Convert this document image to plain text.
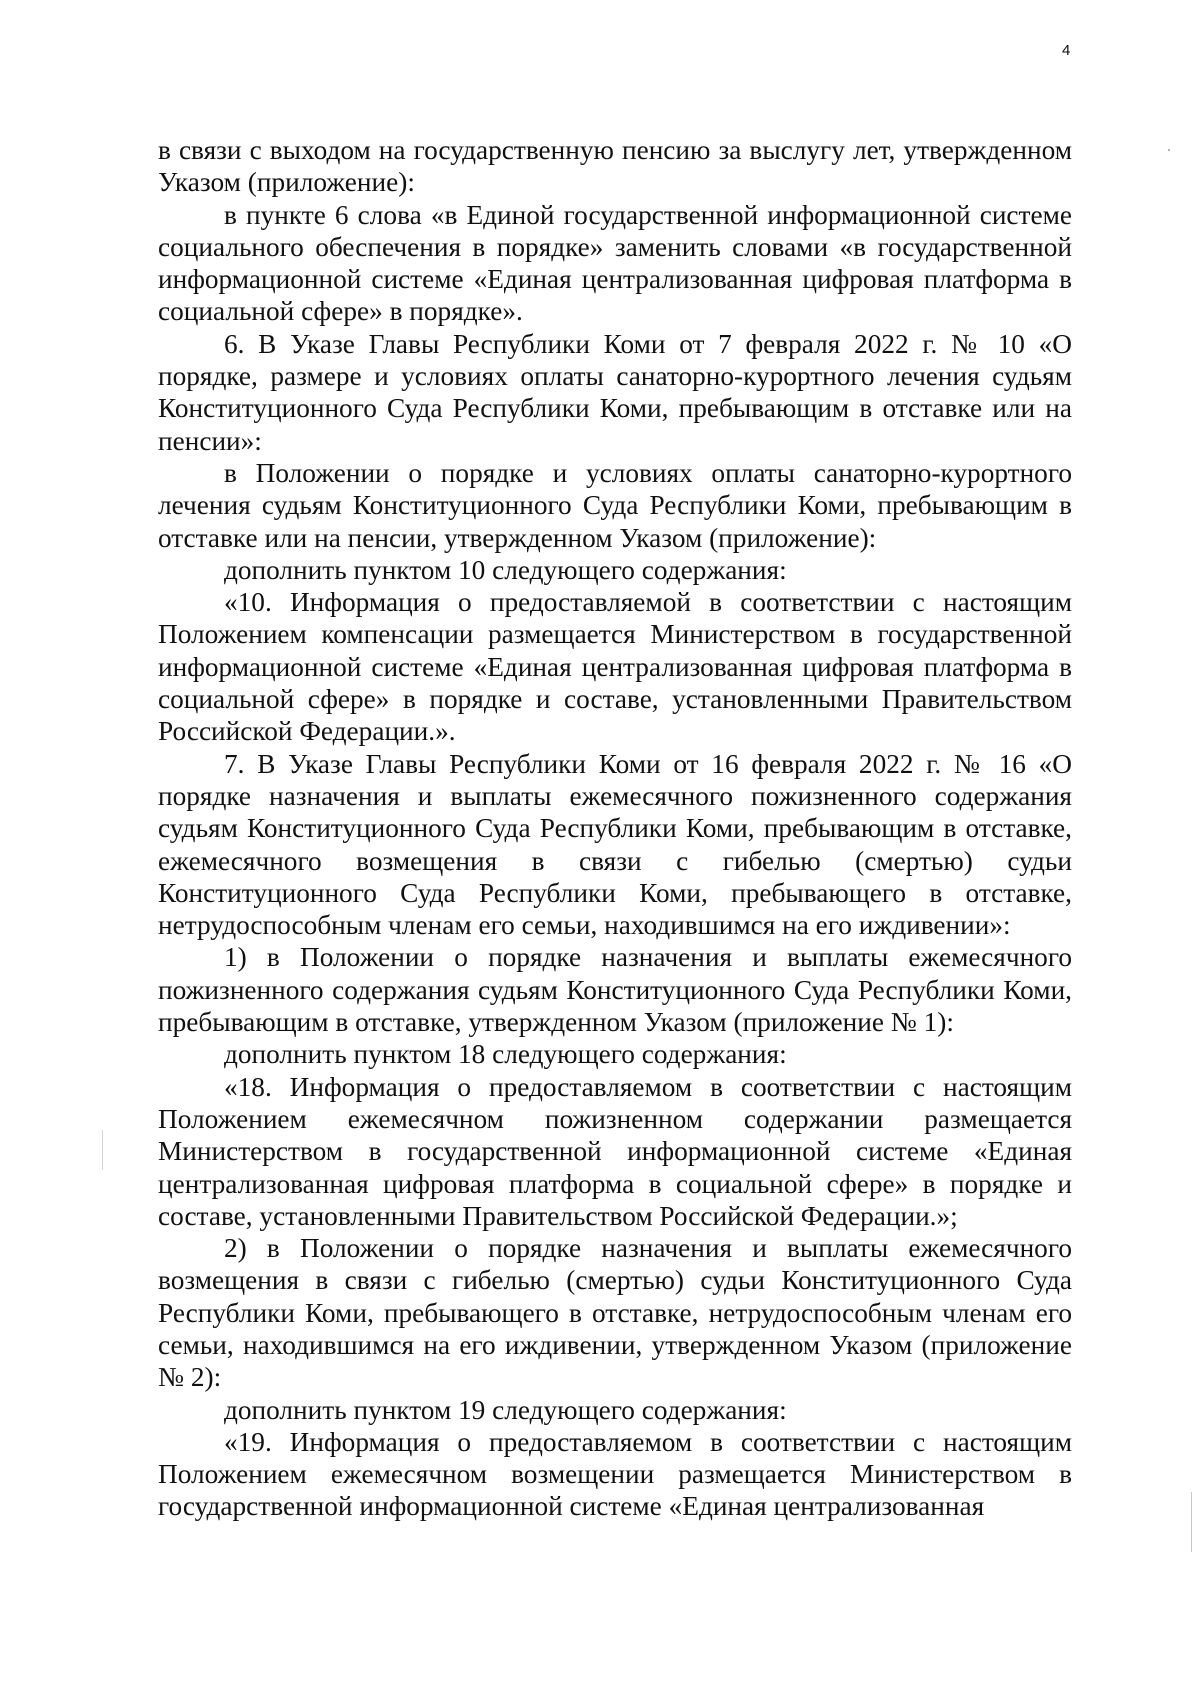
4

в связи с выходом на государственную пенсию за выслугу лет, утвержденном Указом (приложение):

в пункте 6 слова «в Единой государственной информационной системе социального обеспечения в порядке» заменить словами «в государственной информационной системе «Единая централизованная цифровая платформа в социальной сфере» в порядке».

6. В Указе Главы Республики Коми от 7 февраля 2022 г. № 10 «О порядке, размере и условиях оплаты санаторно-курортного лечения судьям Конституционного Суда Республики Коми, пребывающим в отставке или на пенсии»:

в Положении о порядке и условиях оплаты санаторно-курортного лечения судьям Конституционного Суда Республики Коми, пребывающим в отставке или на пенсии, утвержденном Указом (приложение):

дополнить пунктом 10 следующего содержания:

«10. Информация о предоставляемой в соответствии с настоящим Положением компенсации размещается Министерством в государственной информационной системе «Единая централизованная цифровая платформа в социальной сфере» в порядке и составе, установленными Правительством Российской Федерации.».

7. В Указе Главы Республики Коми от 16 февраля 2022 г. № 16 «О порядке назначения и выплаты ежемесячного пожизненного содержания судьям Конституционного Суда Республики Коми, пребывающим в отставке, ежемесячного возмещения в связи с гибелью (смертью) судьи Конституционного Суда Республики Коми, пребывающего в отставке, нетрудоспособным членам его семьи, находившимся на его иждивении»:

1) в Положении о порядке назначения и выплаты ежемесячного пожизненного содержания судьям Конституционного Суда Республики Коми, пребывающим в отставке, утвержденном Указом (приложение № 1):

дополнить пунктом 18 следующего содержания:

«18. Информация о предоставляемом в соответствии с настоящим Положением ежемесячном пожизненном содержании размещается Министерством в государственной информационной системе «Единая централизованная цифровая платформа в социальной сфере» в порядке и составе, установленными Правительством Российской Федерации.»;

2) в Положении о порядке назначения и выплаты ежемесячного возмещения в связи с гибелью (смертью) судьи Конституционного Суда Республики Коми, пребывающего в отставке, нетрудоспособным членам его семьи, находившимся на его иждивении, утвержденном Указом (приложение № 2):

дополнить пунктом 19 следующего содержания:

«19. Информация о предоставляемом в соответствии с настоящим Положением ежемесячном возмещении размещается Министерством в государственной информационной системе «Единая централизованная
